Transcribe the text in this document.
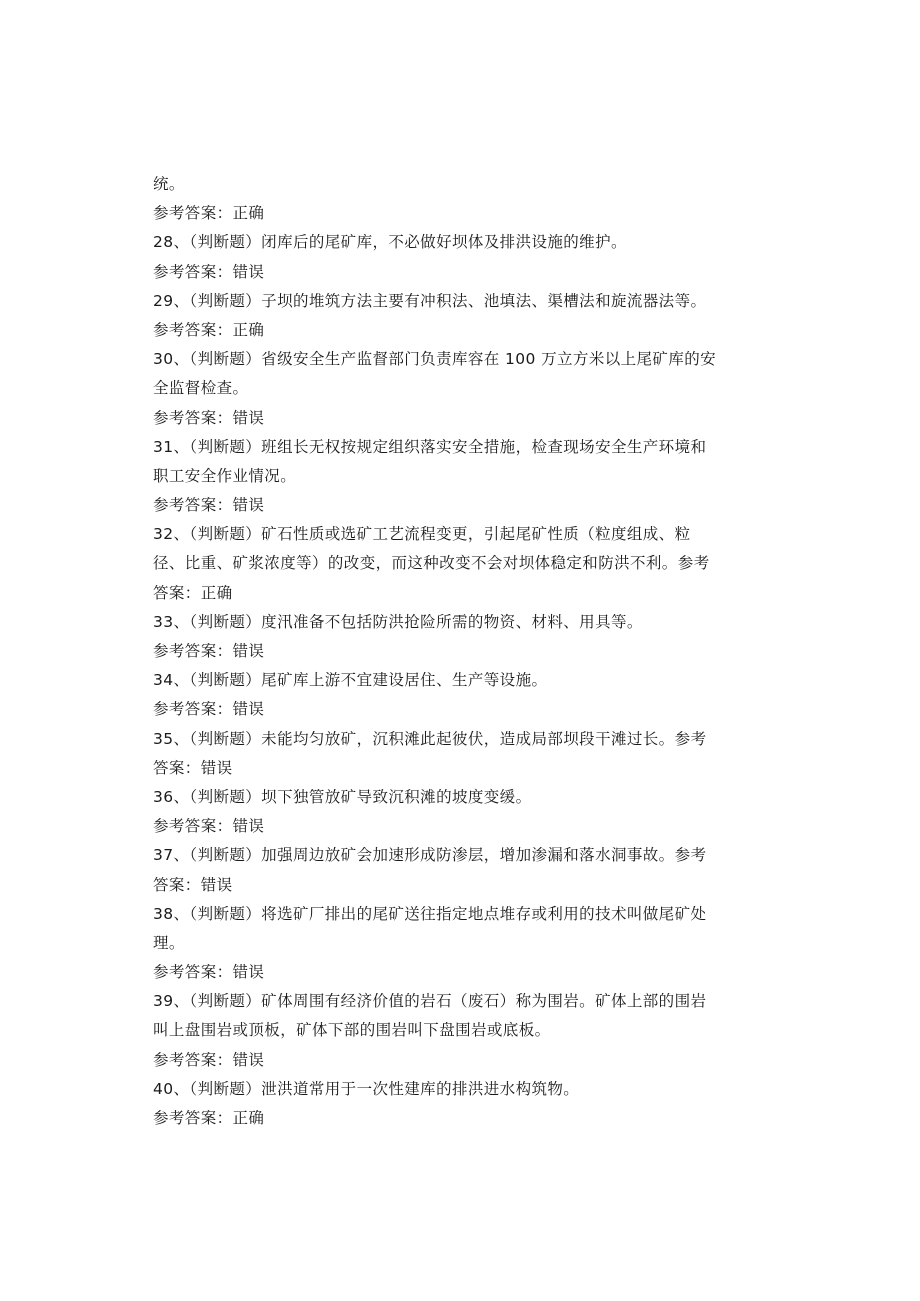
统。
参考答案：正确
28、（判断题）闭库后的尾矿库，不必做好坝体及排洪设施的维护。
参考答案：错误
29、（判断题）子坝的堆筑方法主要有冲积法、池填法、渠槽法和旋流器法等。
参考答案：正确
30、（判断题）省级安全生产监督部门负责库容在 100 万立方米以上尾矿库的安
全监督检查。
参考答案：错误
31、（判断题）班组长无权按规定组织落实安全措施，检查现场安全生产环境和
职工安全作业情况。
参考答案：错误
32、（判断题）矿石性质或选矿工艺流程变更，引起尾矿性质（粒度组成、粒
径、比重、矿浆浓度等）的改变，而这种改变不会对坝体稳定和防洪不利。参考
答案：正确
33、（判断题）度汛准备不包括防洪抢险所需的物资、材料、用具等。
参考答案：错误
34、（判断题）尾矿库上游不宜建设居住、生产等设施。
参考答案：错误
35、（判断题）未能均匀放矿，沉积滩此起彼伏，造成局部坝段干滩过长。参考
答案：错误
36、（判断题）坝下独管放矿导致沉积滩的坡度变缓。
参考答案：错误
37、（判断题）加强周边放矿会加速形成防渗层，增加渗漏和落水洞事故。参考
答案：错误
38、（判断题）将选矿厂排出的尾矿送往指定地点堆存或利用的技术叫做尾矿处
理。
参考答案：错误
39、（判断题）矿体周围有经济价值的岩石（废石）称为围岩。矿体上部的围岩
叫上盘围岩或顶板，矿体下部的围岩叫下盘围岩或底板。
参考答案：错误
40、（判断题）泄洪道常用于一次性建库的排洪进水构筑物。
参考答案：正确
